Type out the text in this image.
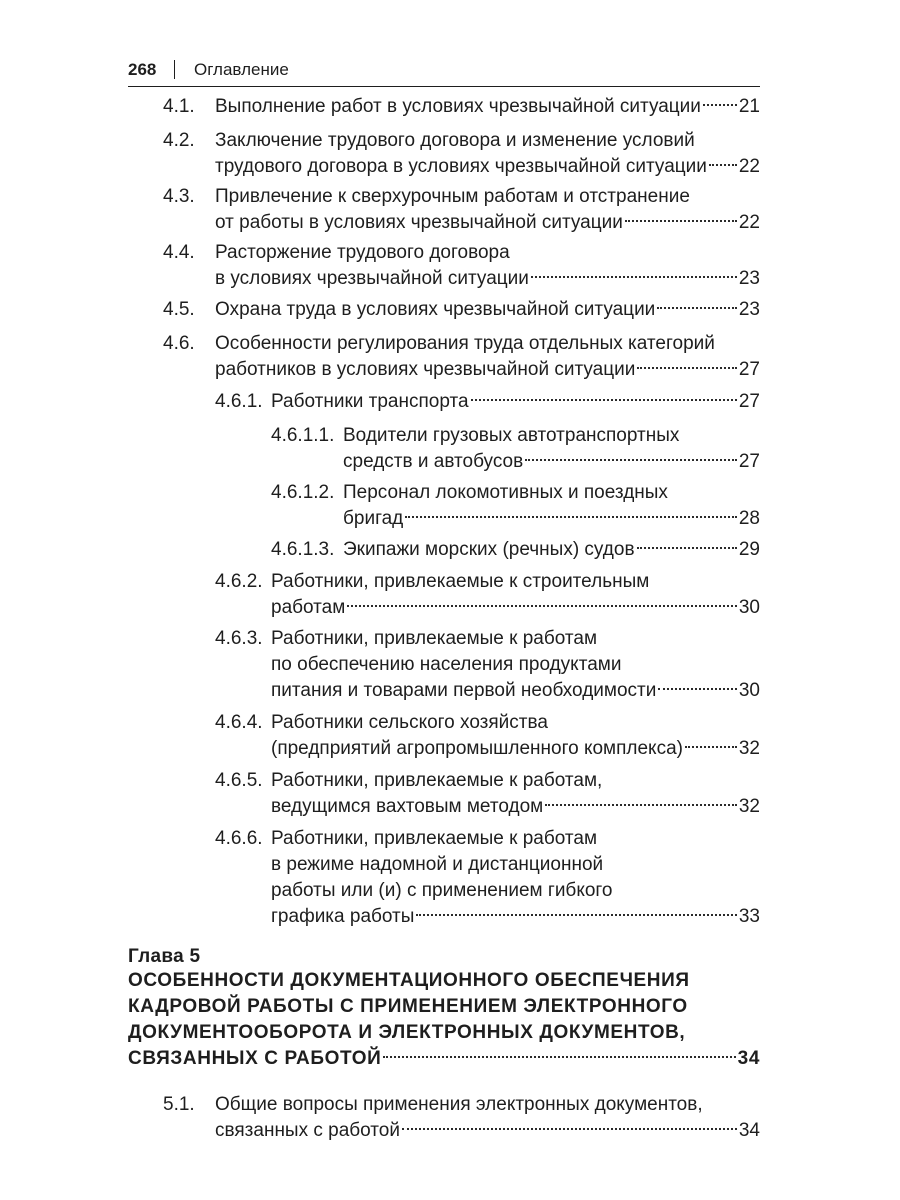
268 Оглавление
4.1. Выполнение работ в условиях чрезвычайной ситуации 21
4.2. Заключение трудового договора и изменение условий
трудового договора в условиях чрезвычайной ситуации 22
4.3. Привлечение к сверхурочным работам и отстранение
от работы в условиях чрезвычайной ситуации	22
4.4. Расторжение трудового договора
в условиях чрезвычайной ситуации	23
4.5. Охрана труда в условиях чрезвычайной ситуации	23
4.6. Особенности регулирования труда отдельных категорий
работников в условиях чрезвычайной ситуации	27
4.6.1. Работники транспорта	27
4.6.1.1. Водители грузовых автотранспортных
средств и автобусов	27
4.6.1.2. Персонал локомотивных и поездных
бригад	28
4.6.1.3. Экипажи морских (речных) судов	29
4.6.2. Работники, привлекаемые к строительным
работам	30
4.6.3. Работники, привлекаемые к работам
по обеспечению населения продуктами
питания и товарами первой необходимости	30
4.6.4. Работники сельского хозяйства
(предприятий агропромышленного комплекса)	32
4.6.5. Работники, привлекаемые к работам,
ведущимся вахтовым методом	32
4.6.6. Работники, привлекаемые к работам
в режиме надомной и дистанционной
работы или (и) с применением гибкого
графика работы	33
5.1. Общие вопросы применения электронных документов,
связанных с работой	34
Глава 5
ОСОБЕННОСТИ ДОКУМЕНТАЦИОННОГО ОБЕСПЕЧЕНИЯ
КАДРОВОЙ РАБОТЫ С ПРИМЕНЕНИЕМ ЭЛЕКТРОННОГО
ДОКУМЕНТООБОРОТА И ЭЛЕКТРОННЫХ ДОКУМЕНТОВ,
СВЯЗАННЫХ С РАБОТОЙ	34
